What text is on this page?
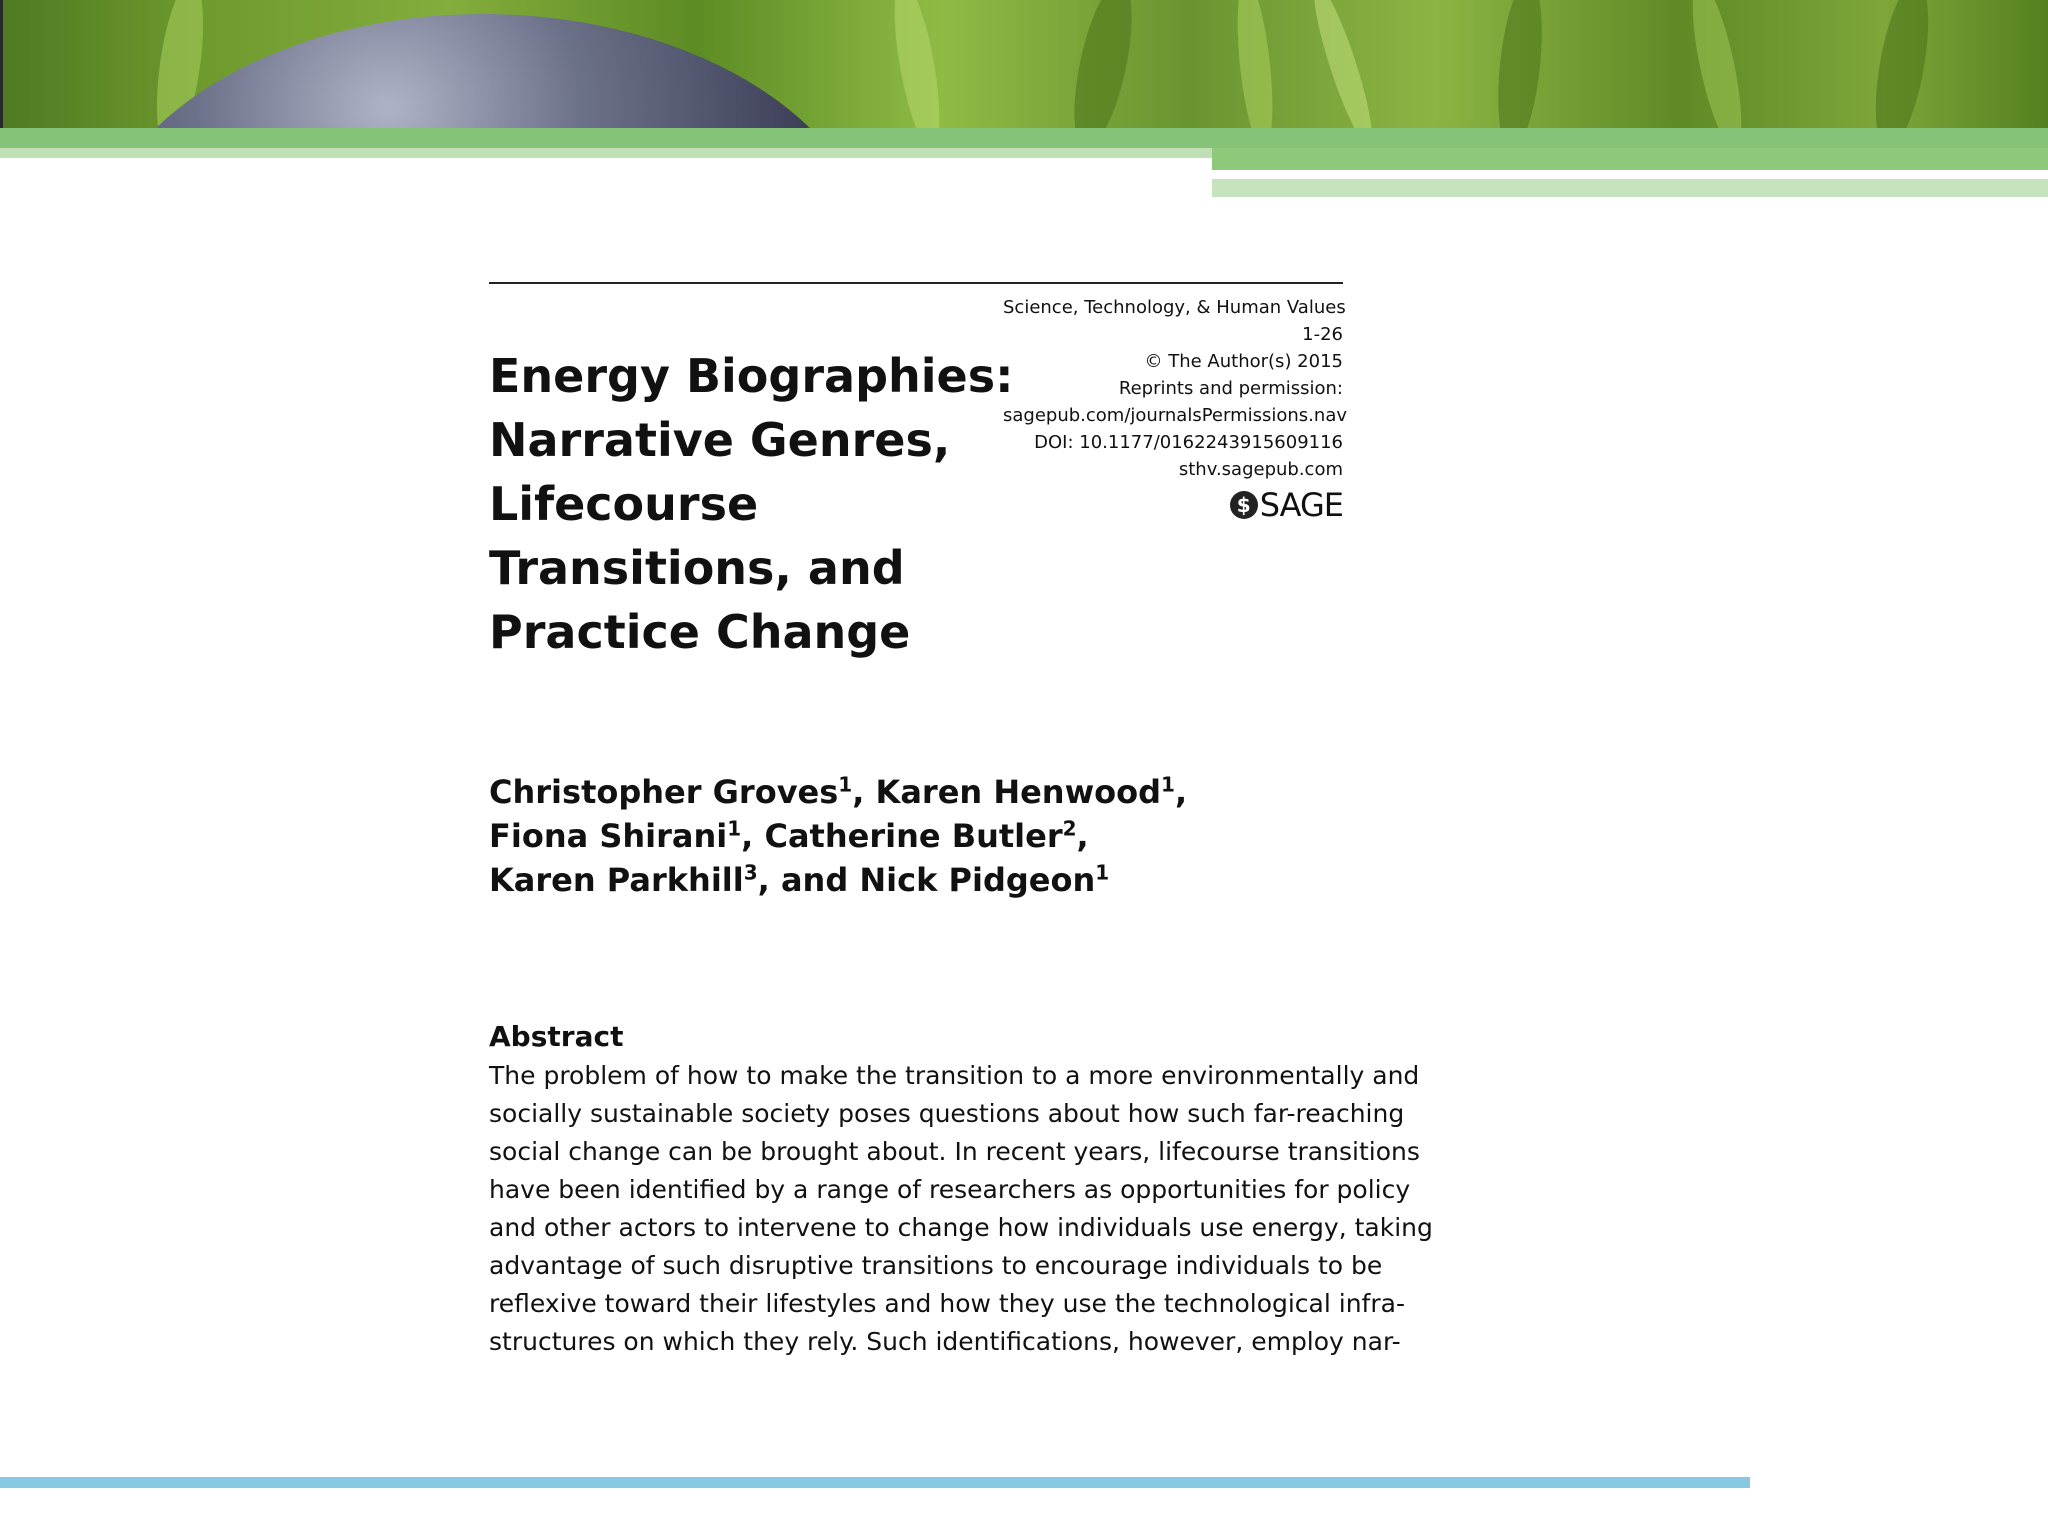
Science, Technology, & Human Values
1-26
© The Author(s) 2015
Reprints and permission:
sagepub.com/journalsPermissions.nav
DOI: 10.1177/0162243915609116
sthv.sagepub.com
$ SAGE
Energy Biographies:
Narrative Genres,
Lifecourse
Transitions, and
Practice Change
Christopher Groves$^1$, Karen Henwood$^1$,
Fiona Shirani$^1$, Catherine Butler$^2$,
Karen Parkhill$^3$, and Nick Pidgeon$^1$
Abstract
The problem of how to make the transition to a more environmentally and
socially sustainable society poses questions about how such far-reaching
social change can be brought about. In recent years, lifecourse transitions
have been identified by a range of researchers as opportunities for policy
and other actors to intervene to change how individuals use energy, taking
advantage of such disruptive transitions to encourage individuals to be
reflexive toward their lifestyles and how they use the technological infra-
structures on which they rely. Such identifications, however, employ nar-
